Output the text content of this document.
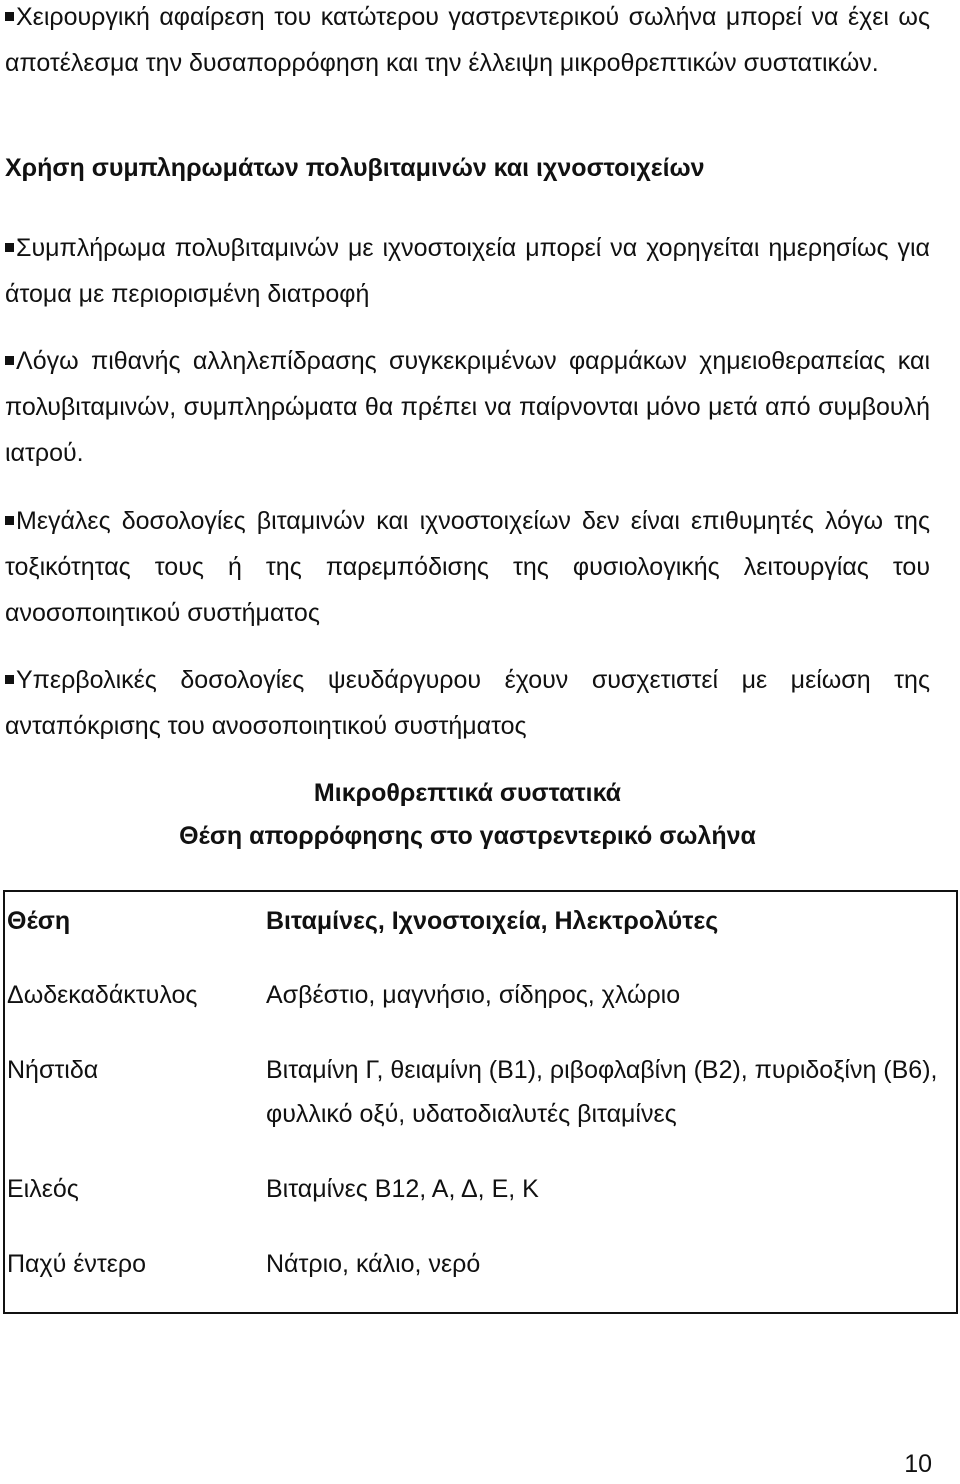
Χειρουργική αφαίρεση του κατώτερου γαστρεντερικού σωλήνα μπορεί να έχει ως αποτέλεσμα την δυσαπορρόφηση και την έλλειψη μικροθρεπτικών συστατικών.

Χρήση συμπληρωμάτων πολυβιταμινών και ιχνοστοιχείων

Συμπλήρωμα πολυβιταμινών με ιχνοστοιχεία μπορεί να χορηγείται ημερησίως για άτομα με περιορισμένη διατροφή

Λόγω πιθανής αλληλεπίδρασης συγκεκριμένων φαρμάκων χημειοθεραπείας και πολυβιταμινών, συμπληρώματα θα πρέπει να παίρνονται μόνο μετά από συμβουλή ιατρού.

Μεγάλες δοσολογίες βιταμινών και ιχνοστοιχείων δεν είναι επιθυμητές λόγω της τοξικότητας τους ή της παρεμπόδισης της φυσιολογικής λειτουργίας του ανοσοποιητικού συστήματος

Υπερβολικές δοσολογίες ψευδάργυρου έχουν συσχετιστεί με μείωση της ανταπόκρισης του ανοσοποιητικού συστήματος

Μικροθρεπτικά συστατικά

Θέση απορρόφησης στο γαστρεντερικό σωλήνα

Θέση	Βιταμίνες, Ιχνοστοιχεία, Ηλεκτρολύτες
Δωδεκαδάκτυλος	Ασβέστιο, μαγνήσιο, σίδηρος, χλώριο
Νήστιδα	Βιταμίνη Γ, θειαμίνη (Β1), ριβοφλαβίνη (Β2), πυριδοξίνη (Β6), φυλλικό οξύ, υδατοδιαλυτές βιταμίνες
Ειλεός	Βιταμίνες Β12, Α, Δ, Ε, Κ
Παχύ έντερο	Νάτριο, κάλιο, νερό
10
